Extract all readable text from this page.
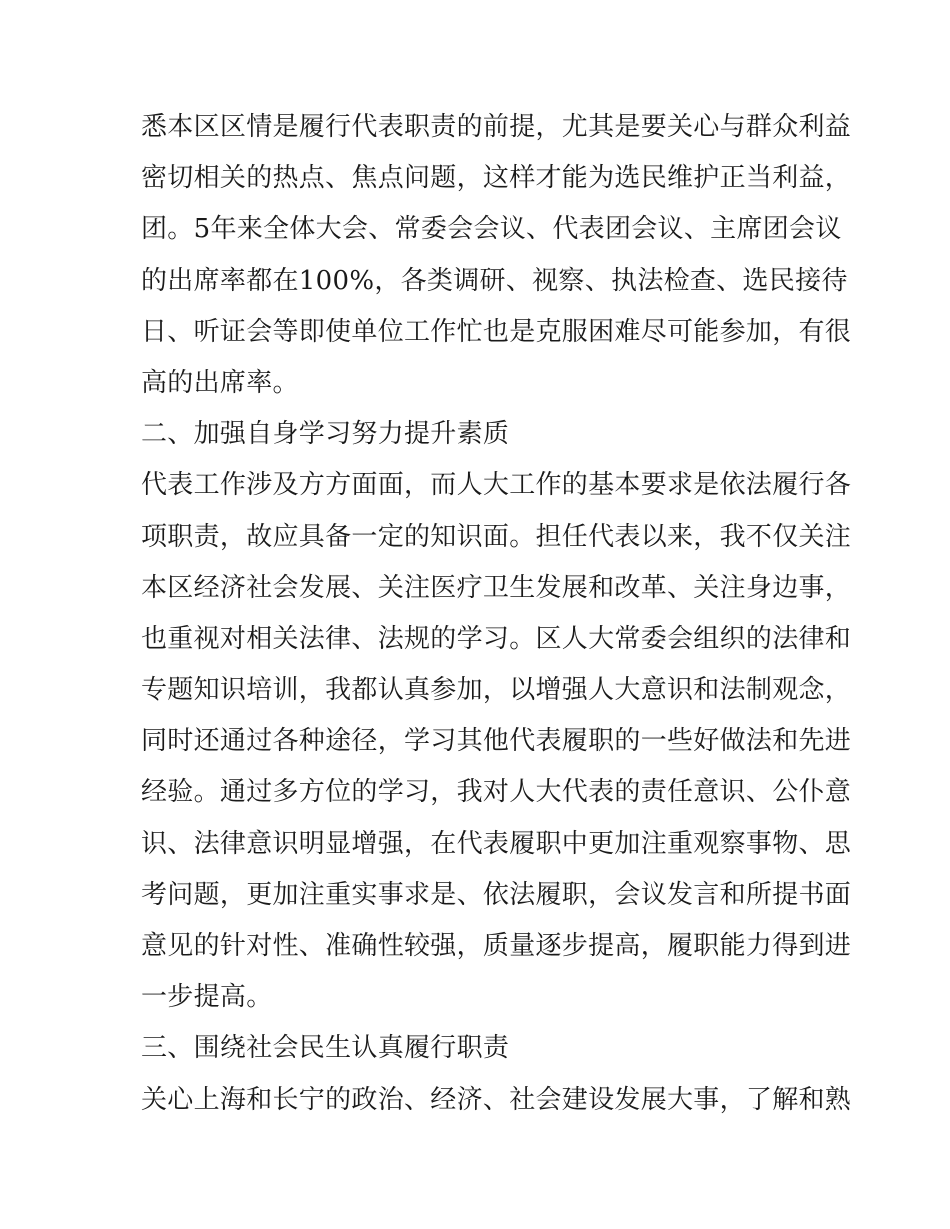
悉本区区情是履行代表职责的前提，尤其是要关心与群众利益
密切相关的热点、焦点问题，这样才能为选民维护正当利益，
团。5年来全体大会、常委会会议、代表团会议、主席团会议
的出席率都在100%，各类调研、视察、执法检查、选民接待
日、听证会等即使单位工作忙也是克服困难尽可能参加，有很
高的出席率。
二、加强自身学习努力提升素质
代表工作涉及方方面面，而人大工作的基本要求是依法履行各
项职责，故应具备一定的知识面。担任代表以来，我不仅关注
本区经济社会发展、关注医疗卫生发展和改革、关注身边事，
也重视对相关法律、法规的学习。区人大常委会组织的法律和
专题知识培训，我都认真参加，以增强人大意识和法制观念，
同时还通过各种途径，学习其他代表履职的一些好做法和先进
经验。通过多方位的学习，我对人大代表的责任意识、公仆意
识、法律意识明显增强，在代表履职中更加注重观察事物、思
考问题，更加注重实事求是、依法履职，会议发言和所提书面
意见的针对性、准确性较强，质量逐步提高，履职能力得到进
一步提高。
三、围绕社会民生认真履行职责
关心上海和长宁的政治、经济、社会建设发展大事，了解和熟
